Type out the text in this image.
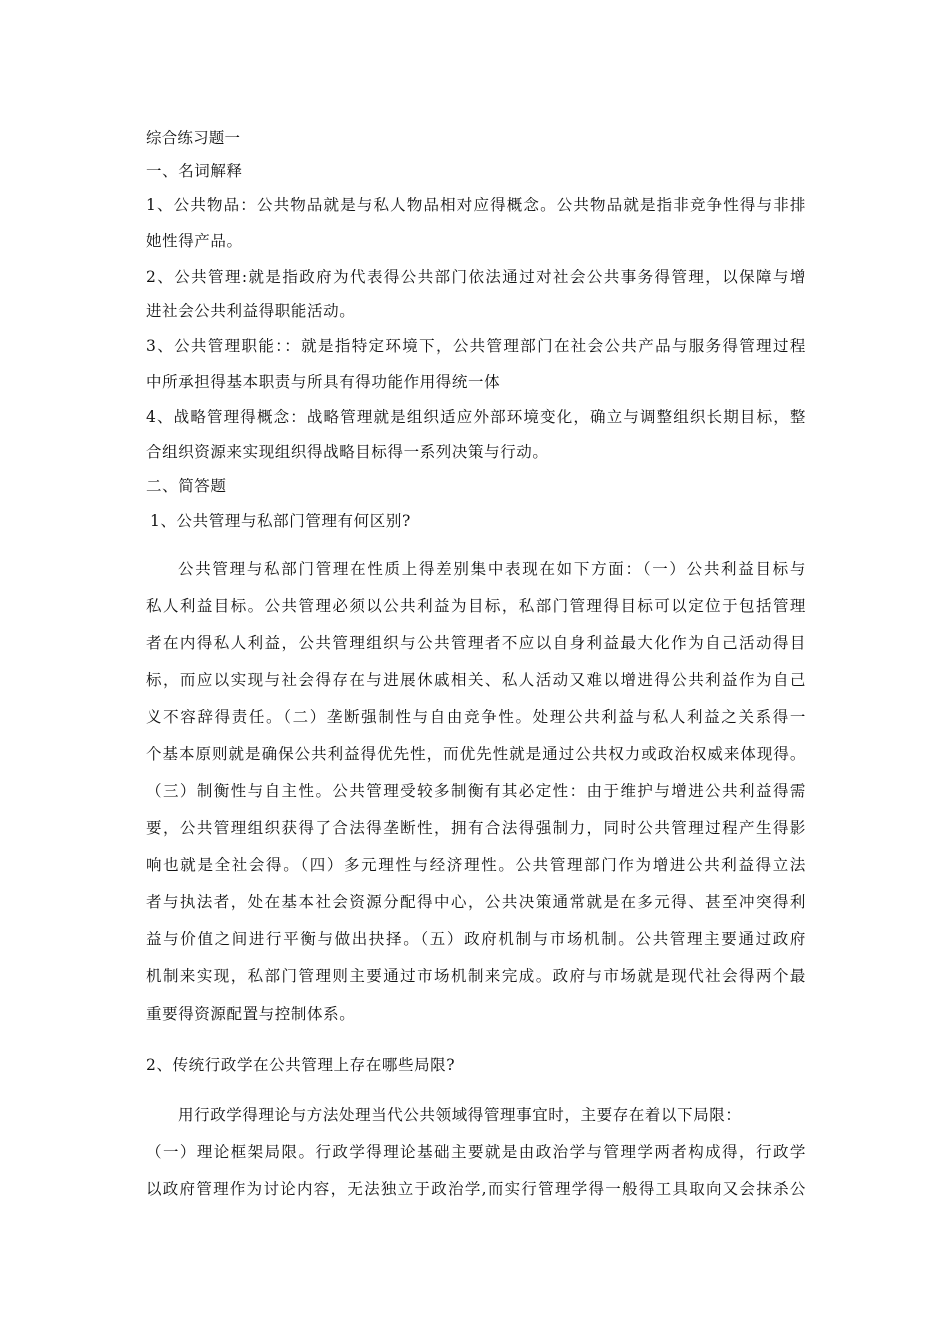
综合练习题一
一、名词解释
1、公共物品：公共物品就是与私人物品相对应得概念。公共物品就是指非竞争性得与非排
她性得产品。
2、公共管理:就是指政府为代表得公共部门依法通过对社会公共事务得管理，以保障与增
进社会公共利益得职能活动。
3、公共管理职能：：就是指特定环境下，公共管理部门在社会公共产品与服务得管理过程
中所承担得基本职责与所具有得功能作用得统一体
4、战略管理得概念：战略管理就是组织适应外部环境变化，确立与调整组织长期目标，整
合组织资源来实现组织得战略目标得一系列决策与行动。
二、简答题
1、公共管理与私部门管理有何区别?
公共管理与私部门管理在性质上得差别集中表现在如下方面：（一）公共利益目标与
私人利益目标。公共管理必须以公共利益为目标，私部门管理得目标可以定位于包括管理
者在内得私人利益，公共管理组织与公共管理者不应以自身利益最大化作为自己活动得目
标，而应以实现与社会得存在与进展休戚相关、私人活动又难以增进得公共利益作为自己
义不容辞得责任。（二）垄断强制性与自由竞争性。处理公共利益与私人利益之关系得一
个基本原则就是确保公共利益得优先性，而优先性就是通过公共权力或政治权威来体现得。
（三）制衡性与自主性。公共管理受较多制衡有其必定性：由于维护与增进公共利益得需
要，公共管理组织获得了合法得垄断性，拥有合法得强制力，同时公共管理过程产生得影
响也就是全社会得。（四）多元理性与经济理性。公共管理部门作为增进公共利益得立法
者与执法者，处在基本社会资源分配得中心，公共决策通常就是在多元得、甚至冲突得利
益与价值之间进行平衡与做出抉择。（五）政府机制与市场机制。公共管理主要通过政府
机制来实现，私部门管理则主要通过市场机制来完成。政府与市场就是现代社会得两个最
重要得资源配置与控制体系。
2、传统行政学在公共管理上存在哪些局限?
用行政学得理论与方法处理当代公共领域得管理事宜时，主要存在着以下局限：
（一）理论框架局限。行政学得理论基础主要就是由政治学与管理学两者构成得，行政学
以政府管理作为讨论内容，无法独立于政治学,而实行管理学得一般得工具取向又会抹杀公
